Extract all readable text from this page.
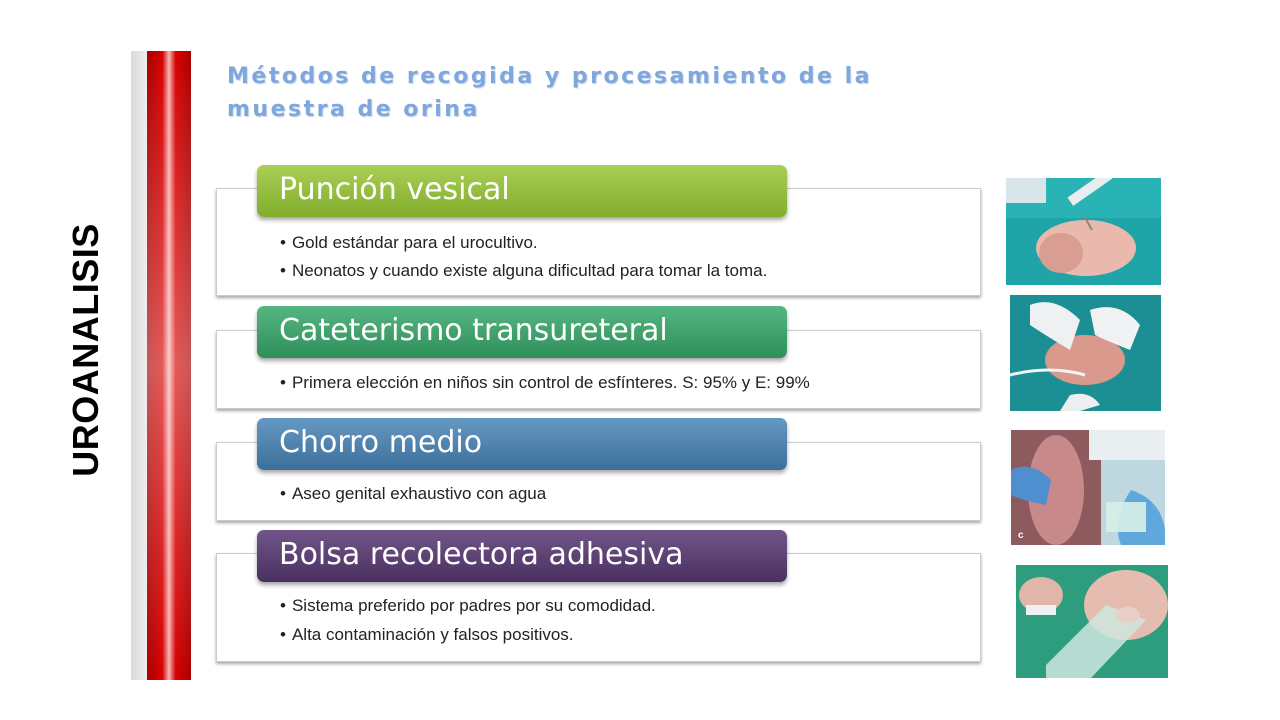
UROANALISIS
Métodos de recogida y procesamiento de la muestra de orina
Punción vesical
• Gold estándar para el urocultivo.
• Neonatos y cuando existe alguna dificultad para tomar la toma.
Cateterismo transureteral
• Primera elección en niños sin control de esfínteres. S: 95% y E: 99%
Chorro medio
• Aseo genital exhaustivo con agua
Bolsa recolectora adhesiva
• Sistema preferido por padres por su comodidad.
• Alta contaminación y falsos positivos.
c
